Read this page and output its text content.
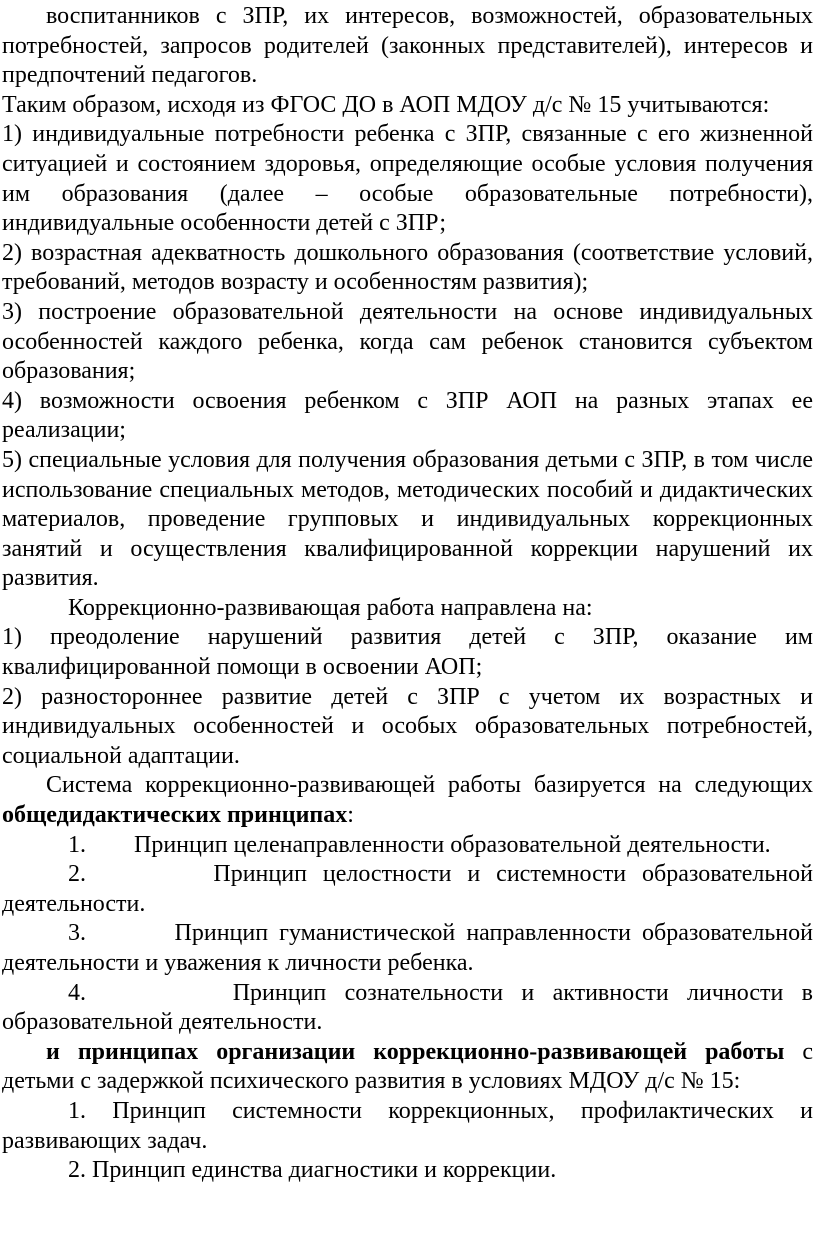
воспитанников с ЗПР, их интересов, возможностей, образовательных потребностей, запросов родителей (законных представителей), интересов и предпочтений педагогов.

Таким образом, исходя из ФГОС ДО в АОП МДОУ д/с № 15 учитываются:

1) индивидуальные потребности ребенка с ЗПР, связанные с его жизненной ситуацией и состоянием здоровья, определяющие особые условия получения им образования (далее – особые образовательные потребности), индивидуальные особенности детей с ЗПР;

2) возрастная адекватность дошкольного образования (соответствие условий, требований, методов возрасту и особенностям развития);

3) построение образовательной деятельности на основе индивидуальных особенностей каждого ребенка, когда сам ребенок становится субъектом образования;

4) возможности освоения ребенком с ЗПР АОП на разных этапах ее реализации;

5) специальные условия для получения образования детьми с ЗПР, в том числе использование специальных методов, методических пособий и дидактических материалов, проведение групповых и индивидуальных коррекционных занятий и осуществления квалифицированной коррекции нарушений их развития.

Коррекционно-развивающая работа направлена на:

1) преодоление нарушений развития детей с ЗПР, оказание им квалифицированной помощи в освоении АОП;

2) разностороннее развитие детей с ЗПР с учетом их возрастных и индивидуальных особенностей и особых образовательных потребностей, социальной адаптации.

Система коррекционно-развивающей работы базируется на следующих общедидактических принципах:

1.        Принцип целенаправленности образовательной деятельности.

2.        Принцип целостности и системности образовательной деятельности.

3.        Принцип гуманистической направленности образовательной деятельности и уважения к личности ребенка.

4.        Принцип сознательности и активности личности в образовательной деятельности.

и принципах организации коррекционно-развивающей работы с детьми с задержкой психического развития в условиях МДОУ д/с № 15:

1. Принцип системности коррекционных, профилактических и развивающих задач.

2. Принцип единства диагностики и коррекции.
